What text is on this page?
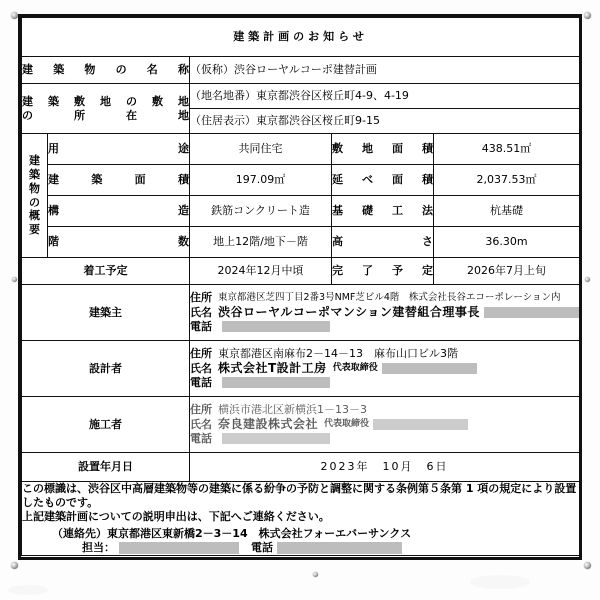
建築計画のお知らせ				
建築物の名称		（仮称）渋谷ローヤルコーポ建替計画		

建築敷地の敷地
の　　所　　在　　地		（地名地番）東京都渋谷区桜丘町4-9、4-19		
		（住居表示）東京都渋谷区桜丘町9-15		

建
築
物
の
概
要
	用途	共同住宅	敷地面積	438.51㎡
	建築面積	197.09㎡	延べ面積	2,037.53㎡
	構造	鉄筋コンクリート造	基礎工法	杭基礎
	階数	地上12階/地下－階	高さ	36.30m
着工予定		2024年12月中頃	完了予定	2026年7月上旬
建築主		住所 東京都港区芝四丁目2番3号NMF芝ビル4階　株式会社長谷エコーポレーション内
氏名 渋谷ローヤルコーポマンション建替組合理事長
電話		

設計者	
住所 東京都港区南麻布2－14－13　麻布山口ビル3階
氏名 株式会社T設計工房 代表取締役
電話

施工者	
住所 横浜市港北区新横浜1－13－3
氏名 奈良建設株式会社 代表取締役
電話

設置年月日		2023年　10月　6日		

この標識は、渋谷区中高層建築物等の建築に係る紛争の予防と調整に関する条例第５条第 1 項の規定により設置したものです。
上記建築計画についての説明申出は、下記へご連絡ください。
（連絡先）東京都港区東新橋2－3－14　株式会社フォーエバーサンクス
担当： 電話				
